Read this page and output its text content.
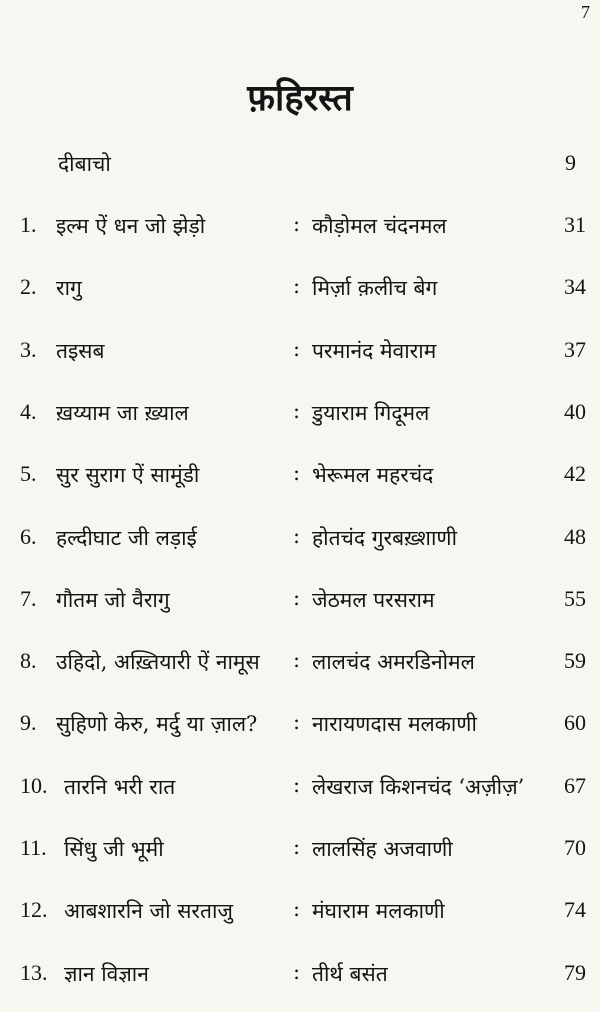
7
फ़हिरस्त
दीबाचो	9
1. इल्म ऐं धन जो झेड़ो	: कौड़ोमल चंदनमल	31
2. रागु	: मिर्ज़ा क़लीच बेग	34
3. तइसब	: परमानंद मेवाराम	37
4. ख़य्याम जा ख़्याल	: डुयाराम गिदूमल	40
5. सुर सुराग ऐं सामूंडी	: भेरूमल महरचंद	42
6. हल्दीघाट जी लड़ाई	: होतचंद गुरबख़्शाणी	48
7. गौतम जो वैरागु	: जेठमल परसराम	55
8. उहिदो, अख़्तियारी ऐं नामूस : लालचंद अमरडिनोमल	59
9. सुहिणो केरु, मर्दु या ज़ाल? : नारायणदास मलकाणी	60
10. तारनि भरी रात	: लेखराज किशनचंद ‘अज़ीज़’ 67
11. सिंधु जी भूमी	: लालसिंह अजवाणी	70
12. आबशारनि जो सरताजु	: मंघाराम मलकाणी	74
13. ज्ञान विज्ञान	: तीर्थ बसंत	79
